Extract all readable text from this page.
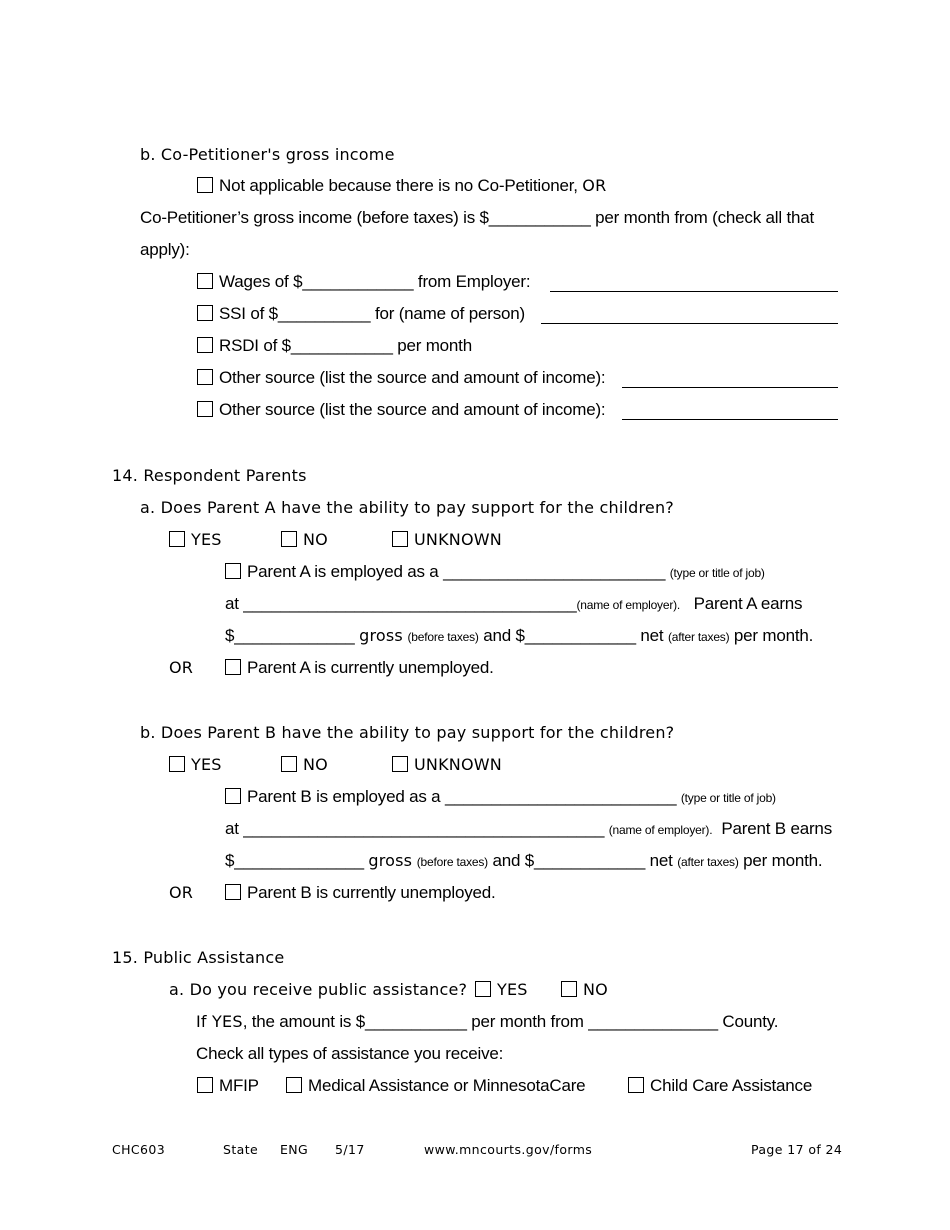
b. Co-Petitioner's gross income
Not applicable because there is no Co-Petitioner, OR
Co-Petitioner’s gross income (before taxes) is $___________ per month from (check all that
apply):
Wages of $____________ from Employer:
SSI of $__________ for (name of person)
RSDI of $___________ per month
Other source (list the source and amount of income):
Other source (list the source and amount of income):
14. Respondent Parents
a. Does Parent A have the ability to pay support for the children?
YES	NO	UNKNOWN
Parent A is employed as a ________________________ (type or title of job)
at ____________________________________(name of employer). Parent A earns
$_____________ gross (before taxes) and $____________ net (after taxes) per month.
OR	Parent A is currently unemployed.
b. Does Parent B have the ability to pay support for the children?
YES	NO	UNKNOWN
Parent B is employed as a _________________________ (type or title of job)
at _______________________________________ (name of employer). Parent B earns
$______________ gross (before taxes) and $____________ net (after taxes) per month.
OR	Parent B is currently unemployed.
15. Public Assistance
a. Do you receive public assistance?	YES	NO
If YES, the amount is $___________ per month from ______________ County.
Check all types of assistance you receive:
MFIP	Medical Assistance or MinnesotaCare	Child Care Assistance
CHC603	State ENG 5/17	www.mncourts.gov/forms	Page 17 of 24
